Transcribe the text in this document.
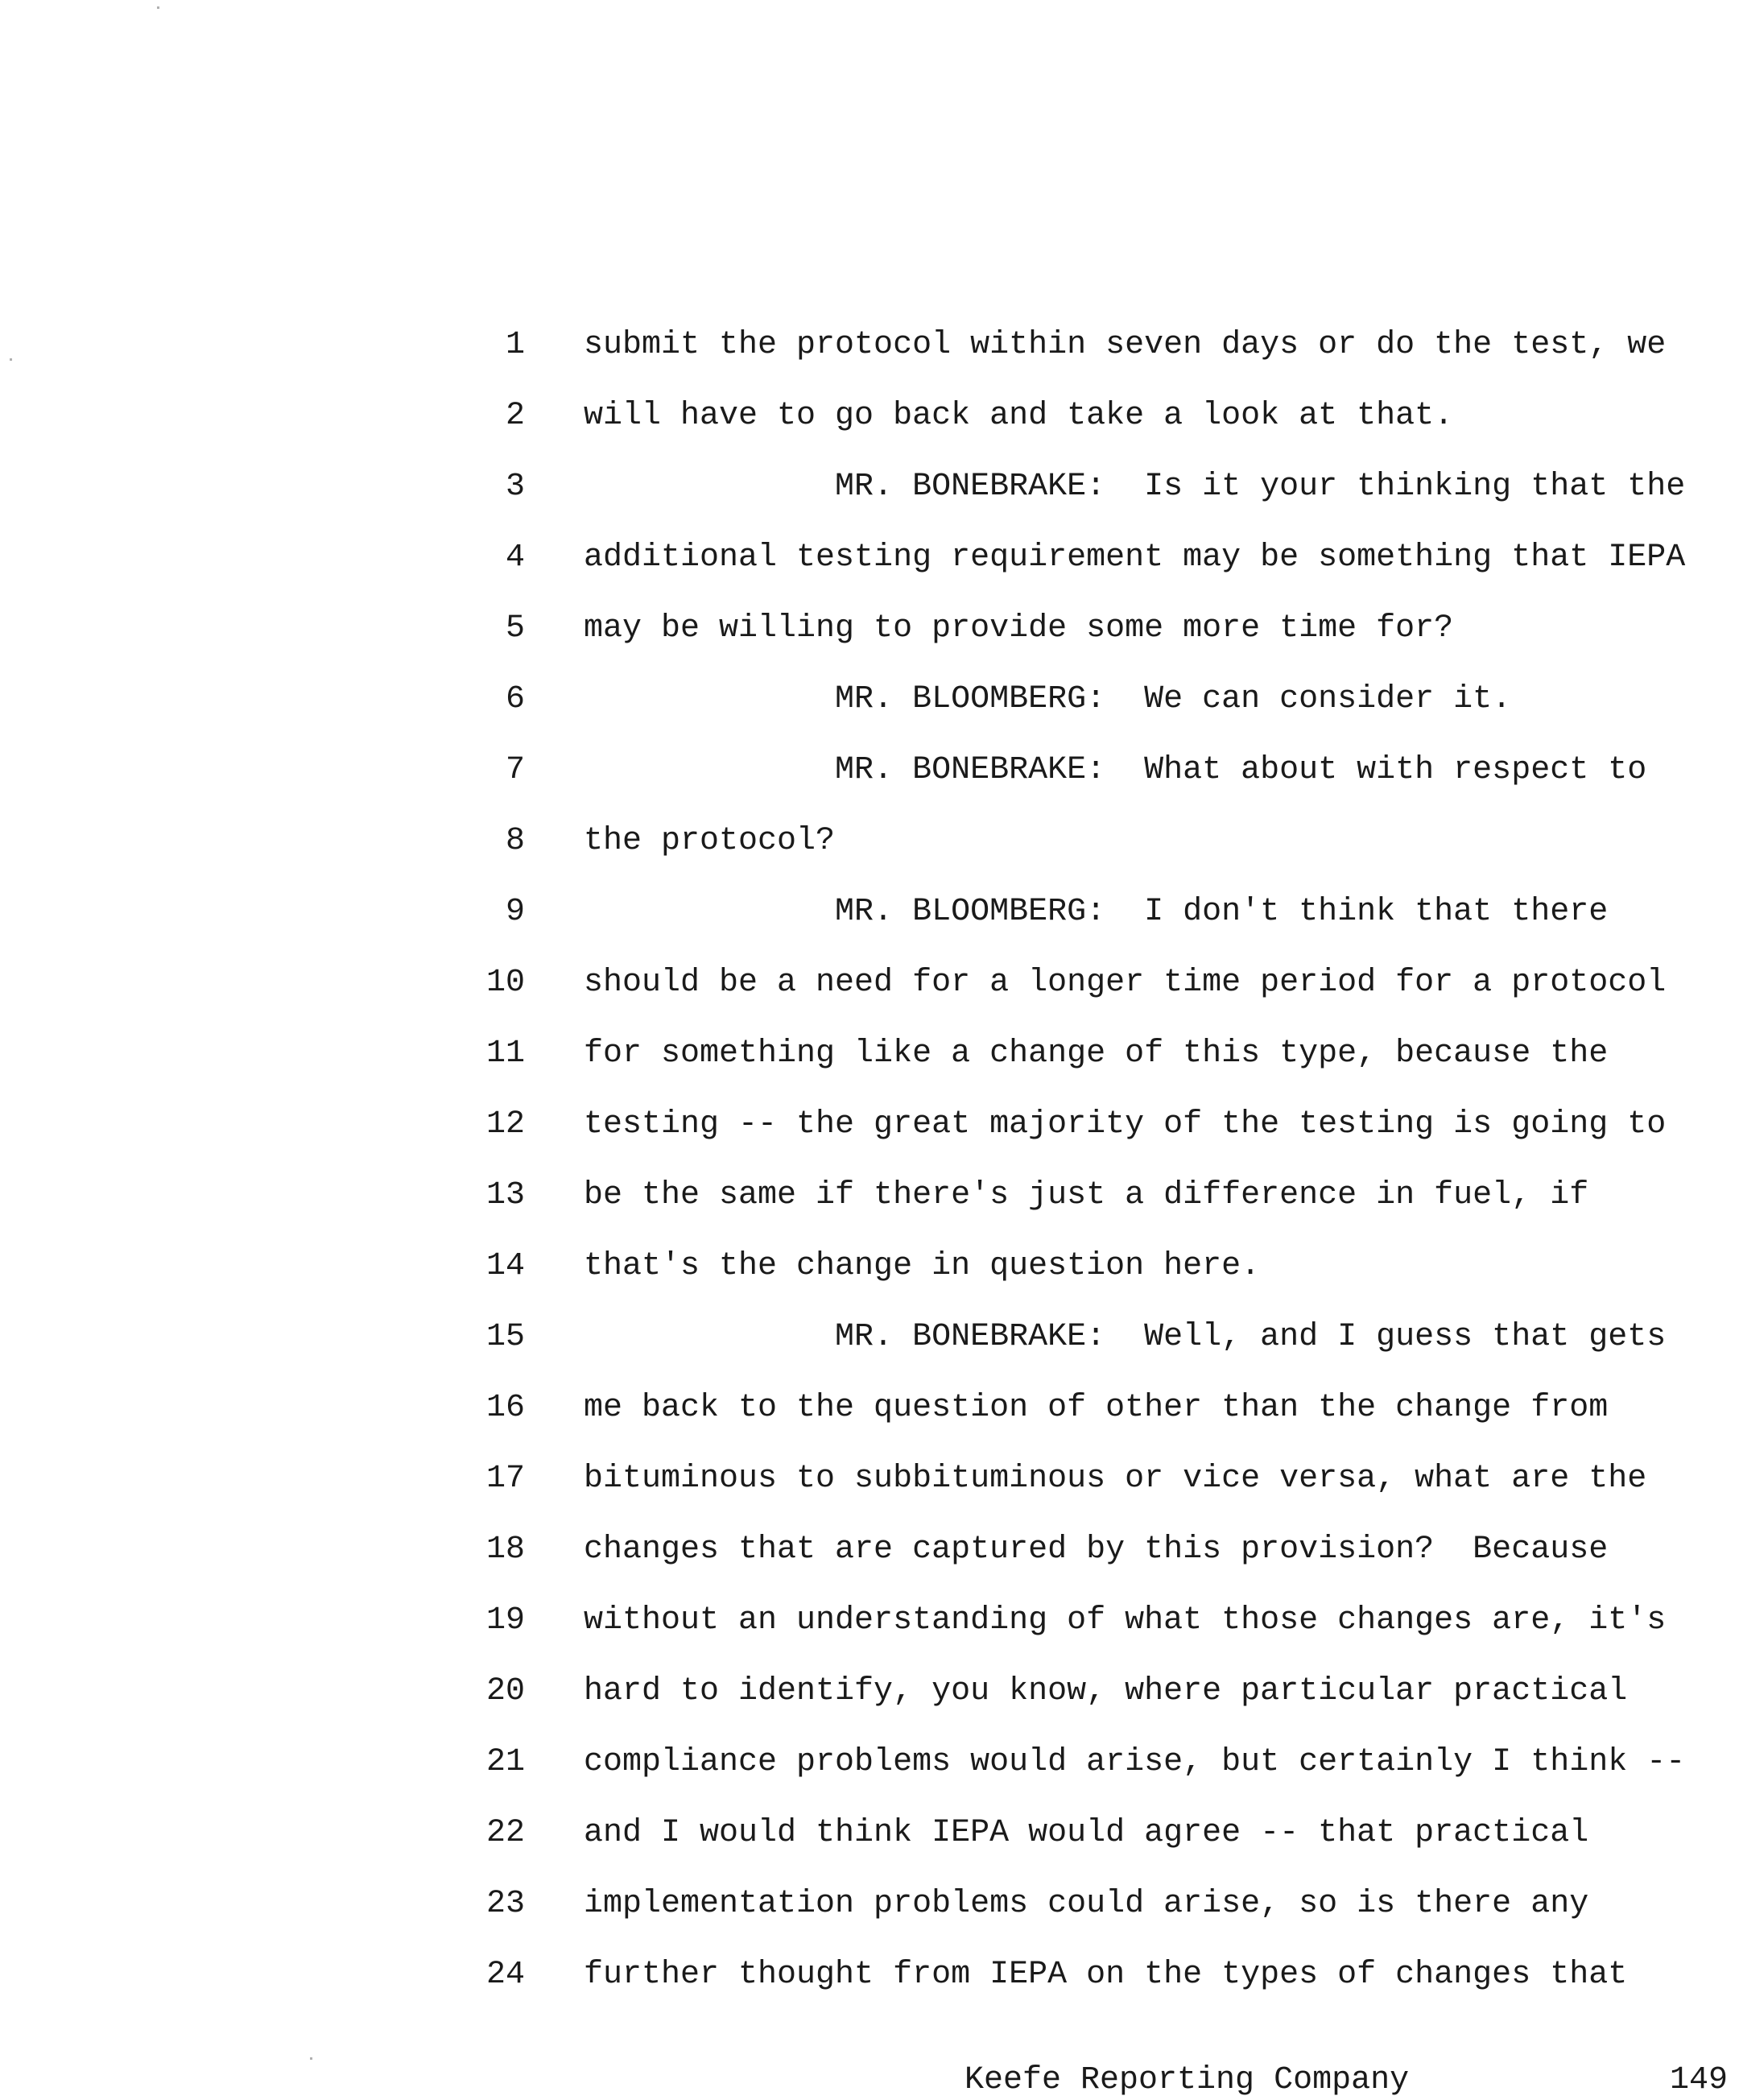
1 submit the protocol within seven days or do the test, we
2 will have to go back and take a look at that.
3 MR. BONEBRAKE:  Is it your thinking that the
4 additional testing requirement may be something that IEPA
5 may be willing to provide some more time for?
6 MR. BLOOMBERG:  We can consider it.
7 MR. BONEBRAKE:  What about with respect to
8 the protocol?
9 MR. BLOOMBERG:  I don't think that there
10 should be a need for a longer time period for a protocol
11 for something like a change of this type, because the
12 testing -- the great majority of the testing is going to
13 be the same if there's just a difference in fuel, if
14 that's the change in question here.
15 MR. BONEBRAKE:  Well, and I guess that gets
16 me back to the question of other than the change from
17 bituminous to subbituminous or vice versa, what are the
18 changes that are captured by this provision?  Because
19 without an understanding of what those changes are, it's
20 hard to identify, you know, where particular practical
21 compliance problems would arise, but certainly I think --
22 and I would think IEPA would agree -- that practical
23 implementation problems could arise, so is there any
24 further thought from IEPA on the types of changes that
Keefe Reporting Company	149
